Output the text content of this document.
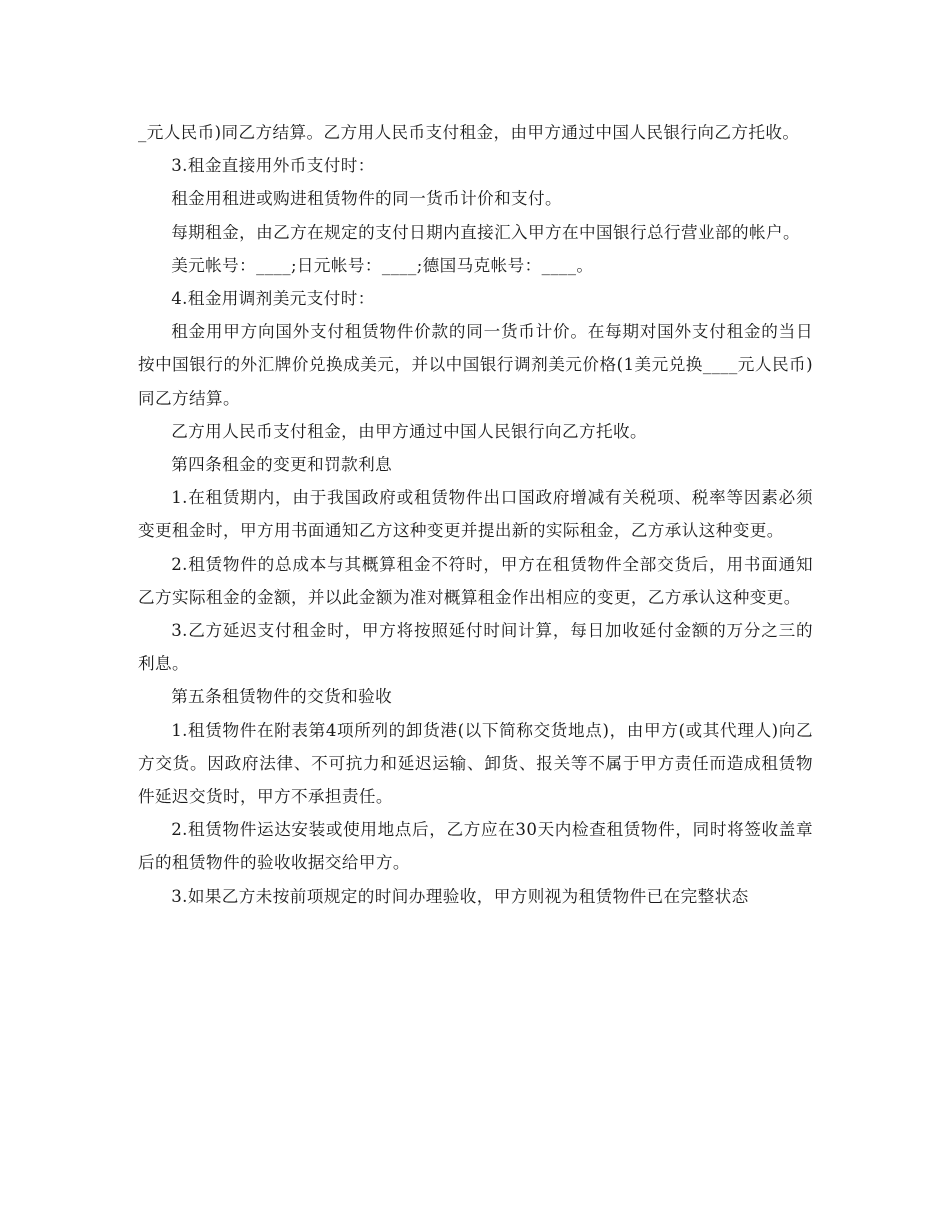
_元人民币)同乙方结算。乙方用人民币支付租金，由甲方通过中国人民银行向乙方托收。

3.租金直接用外币支付时：

租金用租进或购进租赁物件的同一货币计价和支付。

每期租金，由乙方在规定的支付日期内直接汇入甲方在中国银行总行营业部的帐户。

美元帐号：____;日元帐号：____;德国马克帐号：____。

4.租金用调剂美元支付时：

租金用甲方向国外支付租赁物件价款的同一货币计价。在每期对国外支付租金的当日按中国银行的外汇牌价兑换成美元，并以中国银行调剂美元价格(1美元兑换____元人民币)同乙方结算。

乙方用人民币支付租金，由甲方通过中国人民银行向乙方托收。

第四条租金的变更和罚款利息

1.在租赁期内，由于我国政府或租赁物件出口国政府增减有关税项、税率等因素必须变更租金时，甲方用书面通知乙方这种变更并提出新的实际租金，乙方承认这种变更。

2.租赁物件的总成本与其概算租金不符时，甲方在租赁物件全部交货后，用书面通知乙方实际租金的金额，并以此金额为准对概算租金作出相应的变更，乙方承认这种变更。

3.乙方延迟支付租金时，甲方将按照延付时间计算，每日加收延付金额的万分之三的利息。

第五条租赁物件的交货和验收

1.租赁物件在附表第4项所列的卸货港(以下简称交货地点)，由甲方(或其代理人)向乙方交货。因政府法律、不可抗力和延迟运输、卸货、报关等不属于甲方责任而造成租赁物件延迟交货时，甲方不承担责任。

2.租赁物件运达安装或使用地点后，乙方应在30天内检查租赁物件，同时将签收盖章后的租赁物件的验收收据交给甲方。

3.如果乙方未按前项规定的时间办理验收，甲方则视为租赁物件已在完整状态
